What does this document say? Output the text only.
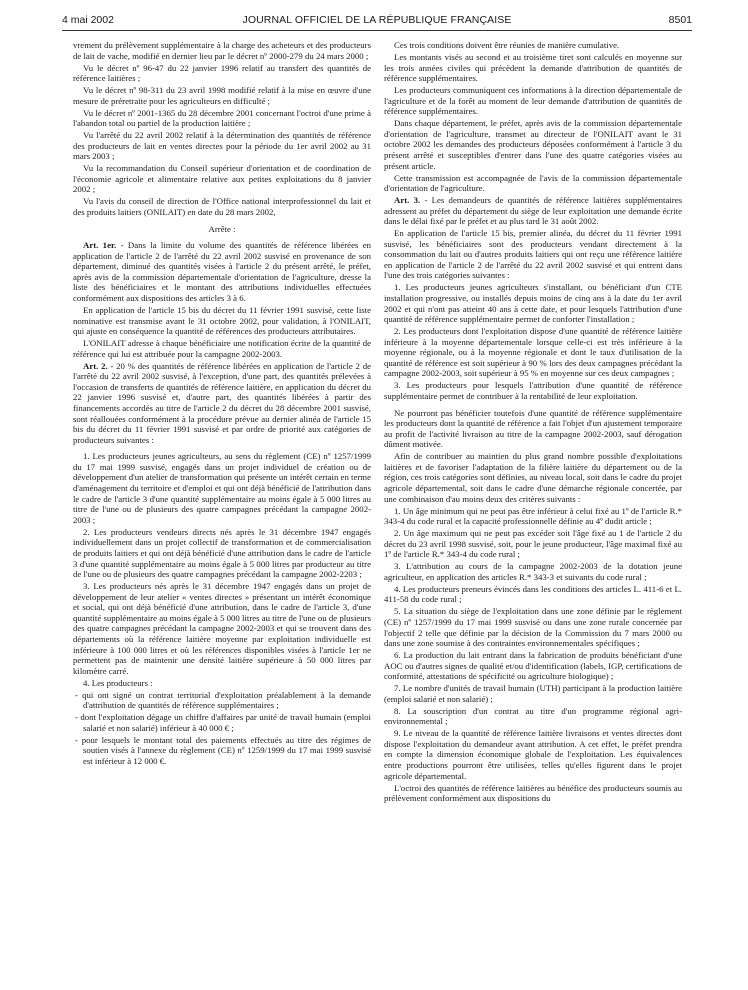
4 mai 2002	JOURNAL OFFICIEL DE LA RÉPUBLIQUE FRANÇAISE	8501

vrement du prélèvement supplémentaire à la charge des acheteurs et des producteurs de lait de vache, modifié en dernier lieu par le décret nº 2000-279 du 24 mars 2000 ;

Vu le décret nº 96-47 du 22 janvier 1996 relatif au transfert des quantités de référence laitières ;

Vu le décret nº 98-311 du 23 avril 1998 modifié relatif à la mise en œuvre d'une mesure de préretraite pour les agriculteurs en difficulté ;

Vu le décret nº 2001-1365 du 28 décembre 2001 concernant l'octroi d'une prime à l'abandon total ou partiel de la production laitière ;

Vu l'arrêté du 22 avril 2002 relatif à la détermination des quantités de référence des producteurs de lait en ventes directes pour la période du 1er avril 2002 au 31 mars 2003 ;

Vu la recommandation du Conseil supérieur d'orientation et de coordination de l'économie agricole et alimentaire relative aux petites exploitations du 8 janvier 2002 ;

Vu l'avis du conseil de direction de l'Office national interprofessionnel du lait et des produits laitiers (ONILAIT) en date du 28 mars 2002,

Arrête :

Art. 1er. - Dans la limite du volume des quantités de référence libérées en application de l'article 2 de l'arrêté du 22 avril 2002 susvisé en provenance de son département, diminué des quantités visées à l'article 2 du présent arrêté, le préfet, après avis de la commission départementale d'orientation de l'agriculture, dresse la liste des bénéficiaires et le montant des attributions individuelles effectuées conformément aux dispositions des articles 3 à 6.

En application de l'article 15 bis du décret du 11 février 1991 susvisé, cette liste nominative est transmise avant le 31 octobre 2002, pour validation, à l'ONILAIT, qui ajuste en conséquence la quantité de références des producteurs attributaires.

L'ONILAIT adresse à chaque bénéficiaire une notification écrite de la quantité de référence qui lui est attribuée pour la campagne 2002-2003.

Art. 2. - 20 % des quantités de référence libérées en application de l'article 2 de l'arrêté du 22 avril 2002 susvisé, à l'exception, d'une part, des quantités prélevées à l'occasion de transferts de quantités de référence laitière, en application du décret du 22 janvier 1996 susvisé et, d'autre part, des quantités libérées à partir des financements accordés au titre de l'article 2 du décret du 28 décembre 2001 susvisé, sont réallouées conformément à la procédure prévue au dernier alinéa de l'article 15 bis du décret du 11 février 1991 susvisé et par ordre de priorité aux catégories de producteurs suivantes :

1. Les producteurs jeunes agriculteurs, au sens du règlement (CE) nº 1257/1999 du 17 mai 1999 susvisé, engagés dans un projet individuel de création ou de développement d'un atelier de transformation qui présente un intérêt certain en terme d'aménagement du territoire et d'emploi et qui ont déjà bénéficié de l'attribution dans le cadre de l'article 3 d'une quantité supplémentaire au moins égale à 5 000 litres au titre de l'une ou de plusieurs des quatre campagnes précédant la campagne 2002-2003 ;

2. Les producteurs vendeurs directs nés après le 31 décembre 1947 engagés individuellement dans un projet collectif de transformation et de commercialisation de produits laitiers et qui ont déjà bénéficié d'une attribution dans le cadre de l'article 3 d'une quantité supplémentaire au moins égale à 5 000 litres par producteur au titre de l'une ou de plusieurs des quatre campagnes précédant la campagne 2002-2203 ;

3. Les producteurs nés après le 31 décembre 1947 engagés dans un projet de développement de leur atelier « ventes directes » présentant un intérêt économique et social, qui ont déjà bénéficié d'une attribution, dans le cadre de l'article 3, d'une quantité supplémentaire au moins égale à 5 000 litres au titre de l'une ou de plusieurs des quatre campagnes précédant la campagne 2002-2003 et qui se trouvent dans des départements où la référence laitière moyenne par exploitation individuelle est inférieure à 100 000 litres et où les références disponibles visées à l'article 1er ne permettent pas de maintenir une densité laitière supérieure à 50 000 litres par kilomètre carré.

4. Les producteurs :

- qui ont signé un contrat territorial d'exploitation préalablement à la demande d'attribution de quantités de référence supplémentaires ;

- dont l'exploitation dégage un chiffre d'affaires par unité de travail humain (emploi salarié et non salarié) inférieur à 40 000 € ;

- pour lesquels le montant total des paiements effectués au titre des régimes de soutien visés à l'annexe du règlement (CE) nº 1259/1999 du 17 mai 1999 susvisé est inférieur à 12 000 €.

Ces trois conditions doivent être réunies de manière cumulative.

Les montants visés au second et au troisième tiret sont calculés en moyenne sur les trois années civiles qui précèdent la demande d'attribution de quantités de référence supplémentaires.

Les producteurs communiquent ces informations à la direction départementale de l'agriculture et de la forêt au moment de leur demande d'attribution de quantités de référence supplémentaires.

Dans chaque département, le préfet, après avis de la commission départementale d'orientation de l'agriculture, transmet au directeur de l'ONILAIT avant le 31 octobre 2002 les demandes des producteurs déposées conformément à l'article 3 du présent arrêté et susceptibles d'entrer dans l'une des quatre catégories visées au présent article.

Cette transmission est accompagnée de l'avis de la commission départementale d'orientation de l'agriculture.

Art. 3. - Les demandeurs de quantités de référence laitières supplémentaires adressent au préfet du département du siège de leur exploitation une demande écrite dans le délai fixé par le préfet et au plus tard le 31 août 2002.

En application de l'article 15 bis, premier alinéa, du décret du 11 février 1991 susvisé, les bénéficiaires sont des producteurs vendant directement à la consommation du lait ou d'autres produits laitiers qui ont reçu une référence laitière en application de l'article 2 de l'arrêté du 22 avril 2002 susvisé et qui entrent dans l'une des trois catégories suivantes :

1. Les producteurs jeunes agriculteurs s'installant, ou bénéficiant d'un CTE installation progressive, ou installés depuis moins de cinq ans à la date du 1er avril 2002 et qui n'ont pas atteint 40 ans à cette date, et pour lesquels l'attribution d'une quantité de référence supplémentaire permet de conforter l'installation ;

2. Les producteurs dont l'exploitation dispose d'une quantité de référence laitière inférieure à la moyenne départementale lorsque celle-ci est très inférieure à la moyenne régionale, ou à la moyenne régionale et dont le taux d'utilisation de la quantité de référence est soit supérieur à 90 % lors des deux campagnes précédant la campagne 2002-2003, soit supérieur à 95 % en moyenne sur ces deux campagnes ;

3. Les producteurs pour lesquels l'attribution d'une quantité de référence supplémentaire permet de contribuer à la rentabilité de leur exploitation.

Ne pourront pas bénéficier toutefois d'une quantité de référence supplémentaire les producteurs dont la quantité de référence a fait l'objet d'un ajustement temporaire au profit de l'activité livraison au titre de la campagne 2002-2003, sauf dérogation dûment motivée.

Afin de contribuer au maintien du plus grand nombre possible d'exploitations laitières et de favoriser l'adaptation de la filière laitière du département ou de la région, ces trois catégories sont définies, au niveau local, soit dans le cadre du projet agricole départemental, soit dans le cadre d'une démarche régionale concertée, par une combinaison d'au moins deux des critères suivants :

1. Un âge minimum qui ne peut pas être inférieur à celui fixé au 1º de l'article R.* 343-4 du code rural et la capacité professionnelle définie au 4º dudit article ;

2. Un âge maximum qui ne peut pas excéder soit l'âge fixé au 1 de l'article 2 du décret du 23 avril 1998 susvisé, soit, pour le jeune producteur, l'âge maximal fixé au 1º de l'article R.* 343-4 du code rural ;

3. L'attribution au cours de la campagne 2002-2003 de la dotation jeune agriculteur, en application des articles R.* 343-3 et suivants du code rural ;

4. Les producteurs preneurs évincés dans les conditions des articles L. 411-6 et L. 411-58 du code rural ;

5. La situation du siège de l'exploitation dans une zone définie par le règlement (CE) nº 1257/1999 du 17 mai 1999 susvisé ou dans une zone rurale concernée par l'objectif 2 telle que définie par la décision de la Commission du 7 mars 2000 ou dans une zone soumise à des contraintes environnementales spécifiques ;

6. La production du lait entrant dans la fabrication de produits bénéficiant d'une AOC ou d'autres signes de qualité et/ou d'identification (labels, IGP, certifications de conformité, attestations de spécificité ou agriculture biologique) ;

7. Le nombre d'unités de travail humain (UTH) participant à la production laitière (emploi salarié et non salarié) ;

8. La souscription d'un contrat au titre d'un programme régional agri-environnemental ;

9. Le niveau de la quantité de référence laitière livraisons et ventes directes dont dispose l'exploitation du demandeur avant attribution. A cet effet, le préfet prendra en compte la dimension économique globale de l'exploitation. Les équivalences entre productions pourront être utilisées, telles qu'elles figurent dans le projet agricole départemental.

L'octroi des quantités de référence laitières au bénéfice des producteurs soumis au prélèvement conformément aux dispositions du
